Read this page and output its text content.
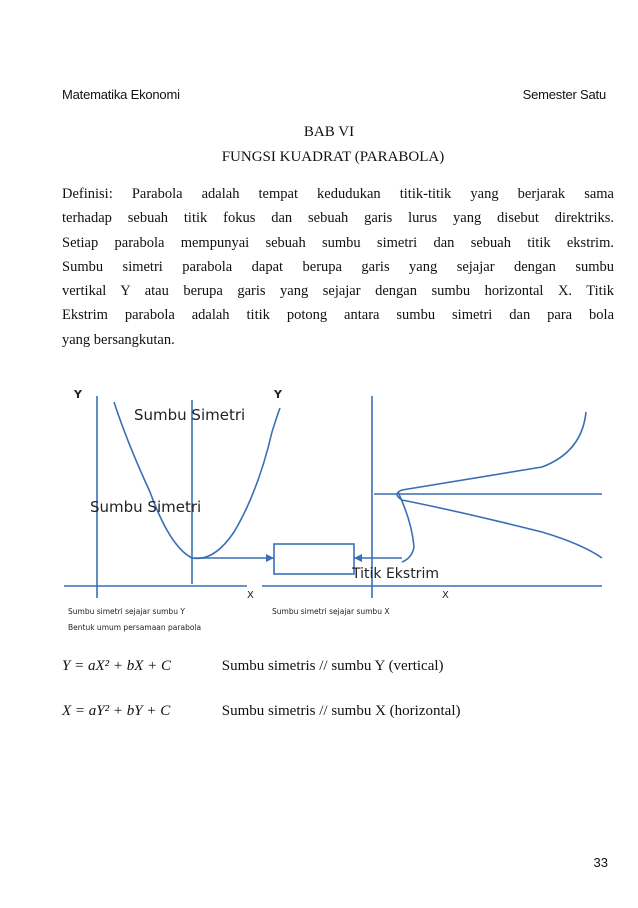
Matematika Ekonomi	Semester Satu
BAB VI
FUNGSI KUADRAT (PARABOLA)
Definisi: Parabola adalah tempat kedudukan titik-titik yang berjarak sama
terhadap sebuah titik fokus dan sebuah garis lurus yang disebut direktriks.
Setiap parabola mempunyai sebuah sumbu simetri dan sebuah titik ekstrim.
Sumbu simetri parabola dapat berupa garis yang sejajar dengan sumbu
vertikal Y atau berupa garis yang sejajar dengan sumbu horizontal X. Titik
Ekstrim parabola adalah titik potong antara sumbu simetri dan para bola
yang bersangkutan.
Y	Y
Sumbu Simetri
Sumbu Simetri
Titik Ekstrim
X	X
Sumbu simetri sejajar sumbu Y	Sumbu simetri sejajar sumbu X
Bentuk umum persamaan parabola
Y = aX² + bX + C	Sumbu simetris // sumbu Y (vertical)
X = aY² + bY + C	Sumbu simetris // sumbu X (horizontal)
33
